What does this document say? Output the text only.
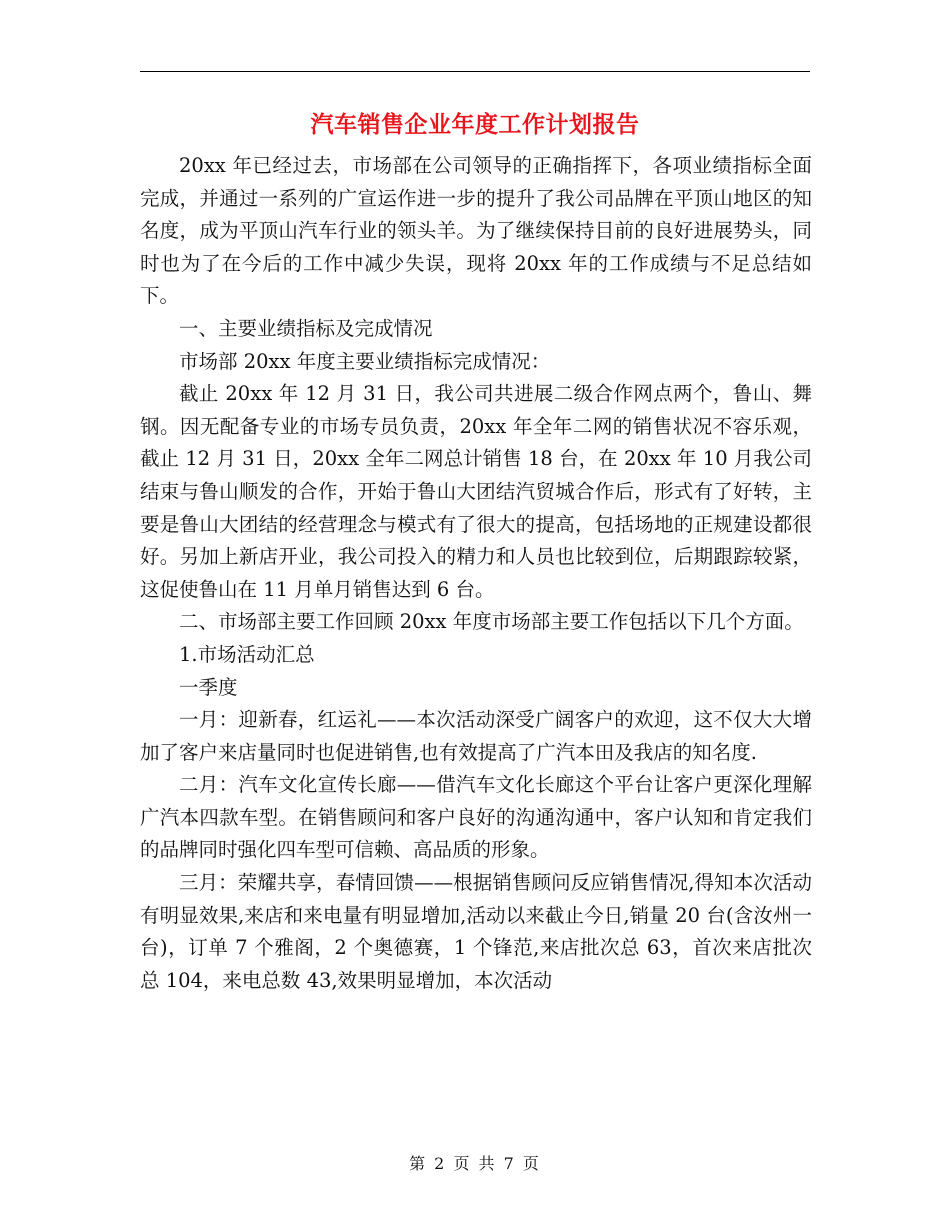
汽车销售企业年度工作计划报告

20xx 年已经过去，市场部在公司领导的正确指挥下，各项业绩指标全面完成，并通过一系列的广宣运作进一步的提升了我公司品牌在平顶山地区的知名度，成为平顶山汽车行业的领头羊。为了继续保持目前的良好进展势头，同时也为了在今后的工作中减少失误，现将 20xx 年的工作成绩与不足总结如下。

一、主要业绩指标及完成情况

市场部 20xx 年度主要业绩指标完成情况：

截止 20xx 年 12 月 31 日，我公司共进展二级合作网点两个，鲁山、舞钢。因无配备专业的市场专员负责，20xx 年全年二网的销售状况不容乐观，截止 12 月 31 日，20xx 全年二网总计销售 18 台，在 20xx 年 10 月我公司结束与鲁山顺发的合作，开始于鲁山大团结汽贸城合作后，形式有了好转，主要是鲁山大团结的经营理念与模式有了很大的提高，包括场地的正规建设都很好。另加上新店开业，我公司投入的精力和人员也比较到位，后期跟踪较紧，这促使鲁山在 11 月单月销售达到 6 台。

二、市场部主要工作回顾 20xx 年度市场部主要工作包括以下几个方面。

1.市场活动汇总

一季度

一月：迎新春，红运礼——本次活动深受广阔客户的欢迎，这不仅大大增加了客户来店量同时也促进销售,也有效提高了广汽本田及我店的知名度.

二月：汽车文化宣传长廊——借汽车文化长廊这个平台让客户更深化理解广汽本四款车型。在销售顾问和客户良好的沟通沟通中，客户认知和肯定我们的品牌同时强化四车型可信赖、高品质的形象。

三月：荣耀共享，春情回馈——根据销售顾问反应销售情况,得知本次活动有明显效果,来店和来电量有明显增加,活动以来截止今日,销量 20 台(含汝州一台)，订单 7 个雅阁，2 个奥德赛，1 个锋范,来店批次总 63，首次来店批次总 104，来电总数 43,效果明显增加，本次活动

第 2 页 共 7 页
